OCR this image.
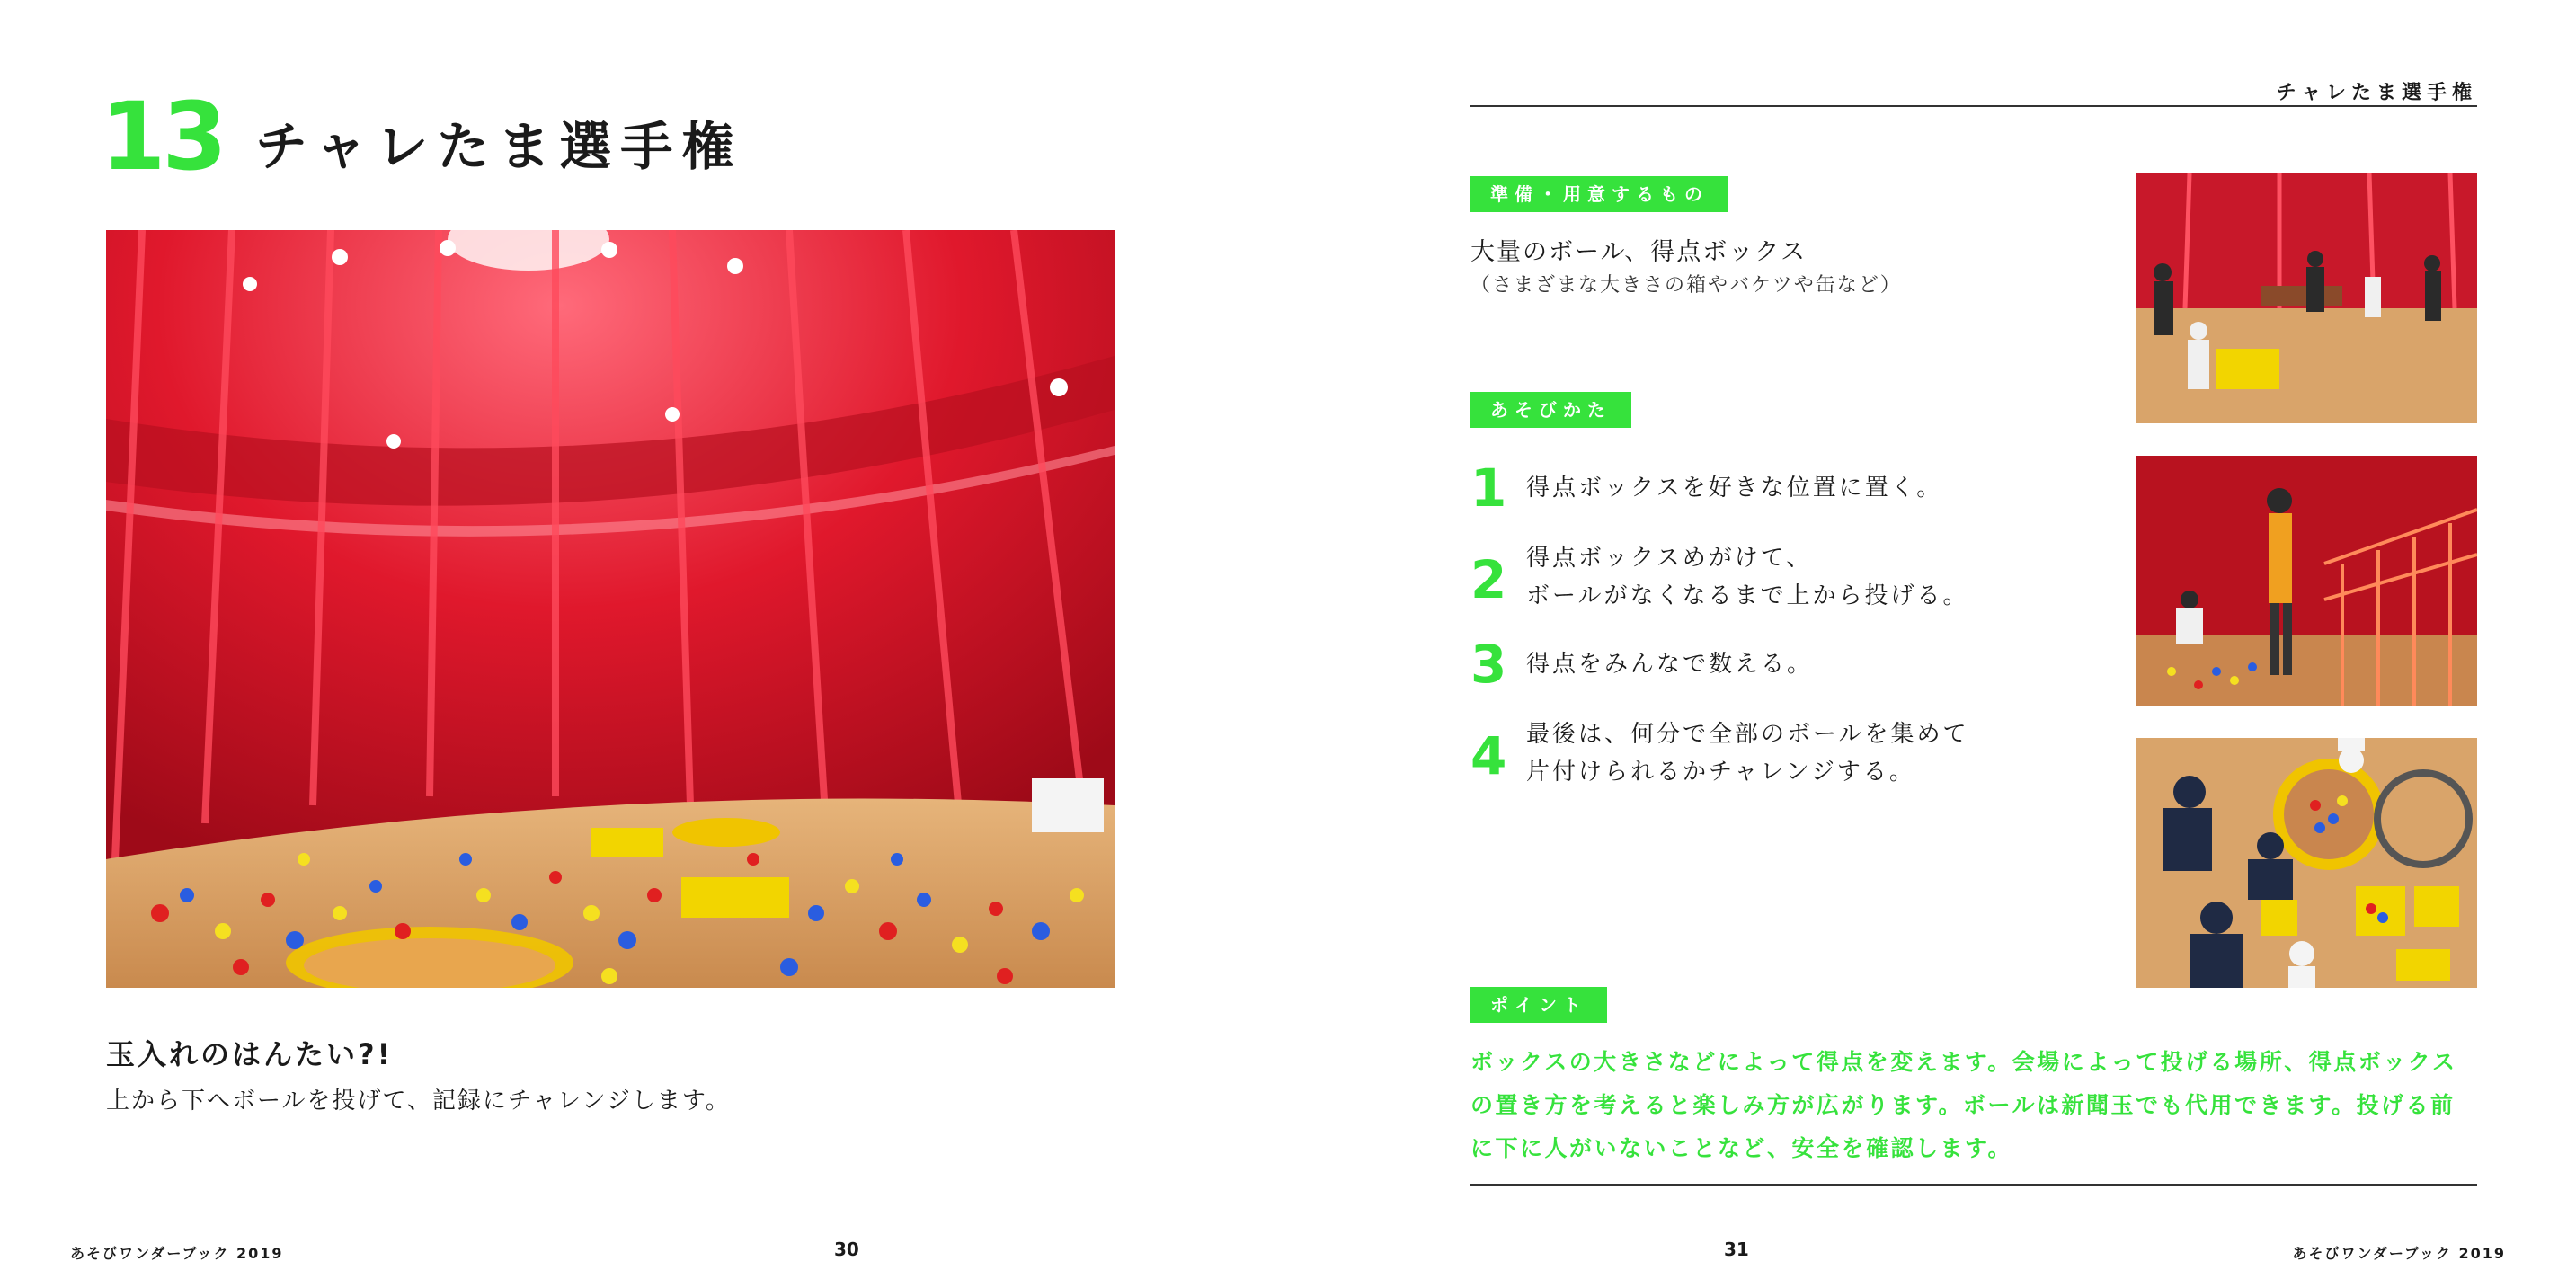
13 チャレたま選手権
玉入れのはんたい?!
上から下へボールを投げて、記録にチャレンジします。
チャレたま選手権
準備・用意するもの
大量のボール、得点ボックス
（さまざまな大きさの箱やバケツや缶など）
あそびかた
1 得点ボックスを好きな位置に置く。
2 得点ボックスめがけて、
ボールがなくなるまで上から投げる。
3 得点をみんなで数える。
4 最後は、何分で全部のボールを集めて
片付けられるかチャレンジする。
ポイント
ボックスの大きさなどによって得点を変えます。会場によって投げる場所、得点ボックスの置き方を考えると楽しみ方が広がります。ボールは新聞玉でも代用できます。投げる前に下に人がいないことなど、安全を確認します。
あそびワンダーブック 2019	30	31	あそびワンダーブック 2019
